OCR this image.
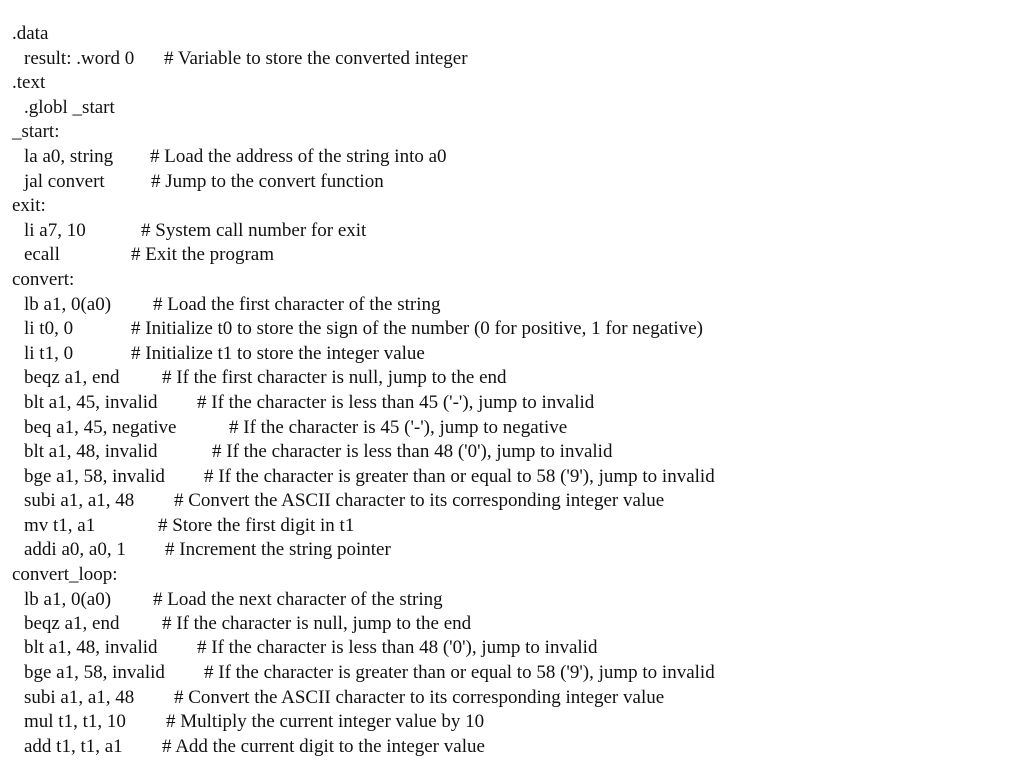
.data
result: .word 0 # Variable to store the converted integer
.text
.globl _start
_start:
la a0, string # Load the address of the string into a0
jal convert # Jump to the convert function
exit:
li a7, 10	# System call number for exit
ecall	# Exit the program
convert:
lb a1, 0(a0) # Load the first character of the string
li t0, 0	# Initialize t0 to store the sign of the number (0 for positive, 1 for negative)
li t1, 0	# Initialize t1 to store the integer value
beqz a1, end # If the first character is null, jump to the end
blt a1, 45, invalid # If the character is less than 45 ('-'), jump to invalid
beq a1, 45, negative	# If the character is 45 ('-'), jump to negative
blt a1, 48, invalid	# If the character is less than 48 ('0'), jump to invalid
bge a1, 58, invalid # If the character is greater than or equal to 58 ('9'), jump to invalid
subi a1, a1, 48 # Convert the ASCII character to its corresponding integer value
mv t1, a1	# Store the first digit in t1
addi a0, a0, 1 # Increment the string pointer
convert_loop:
lb a1, 0(a0) # Load the next character of the string
beqz a1, end # If the character is null, jump to the end
blt a1, 48, invalid # If the character is less than 48 ('0'), jump to invalid
bge a1, 58, invalid # If the character is greater than or equal to 58 ('9'), jump to invalid
subi a1, a1, 48 # Convert the ASCII character to its corresponding integer value
mul t1, t1, 10 # Multiply the current integer value by 10
add t1, t1, a1 # Add the current digit to the integer value
